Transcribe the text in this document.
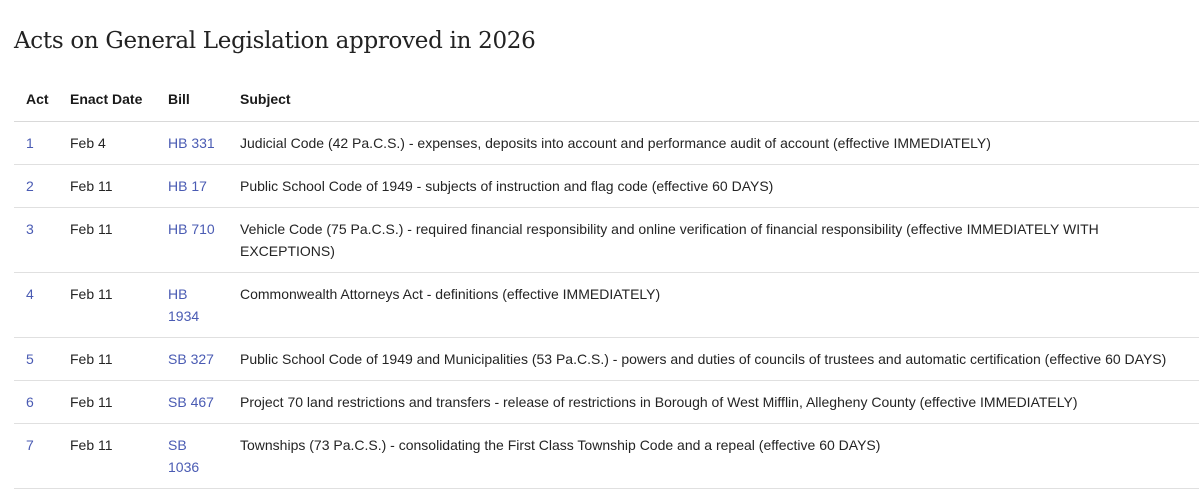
Acts on General Legislation approved in 2026
Act	Enact Date	Bill	Subject
1	Feb 4	HB 331	Judicial Code (42 Pa.C.S.) - expenses, deposits into account and performance audit of account (effective IMMEDIATELY)
2	Feb 11	HB 17	Public School Code of 1949 - subjects of instruction and flag code (effective 60 DAYS)
3	Feb 11	HB 710	Vehicle Code (75 Pa.C.S.) - required financial responsibility and online verification of financial responsibility (effective IMMEDIATELY WITH EXCEPTIONS)
4	Feb 11	HB 1934	Commonwealth Attorneys Act - definitions (effective IMMEDIATELY)
5	Feb 11	SB 327	Public School Code of 1949 and Municipalities (53 Pa.C.S.) - powers and duties of councils of trustees and automatic certification (effective 60 DAYS)
6	Feb 11	SB 467	Project 70 land restrictions and transfers - release of restrictions in Borough of West Mifflin, Allegheny County (effective IMMEDIATELY)
7	Feb 11	SB 1036	Townships (73 Pa.C.S.) - consolidating the First Class Township Code and a repeal (effective 60 DAYS)
